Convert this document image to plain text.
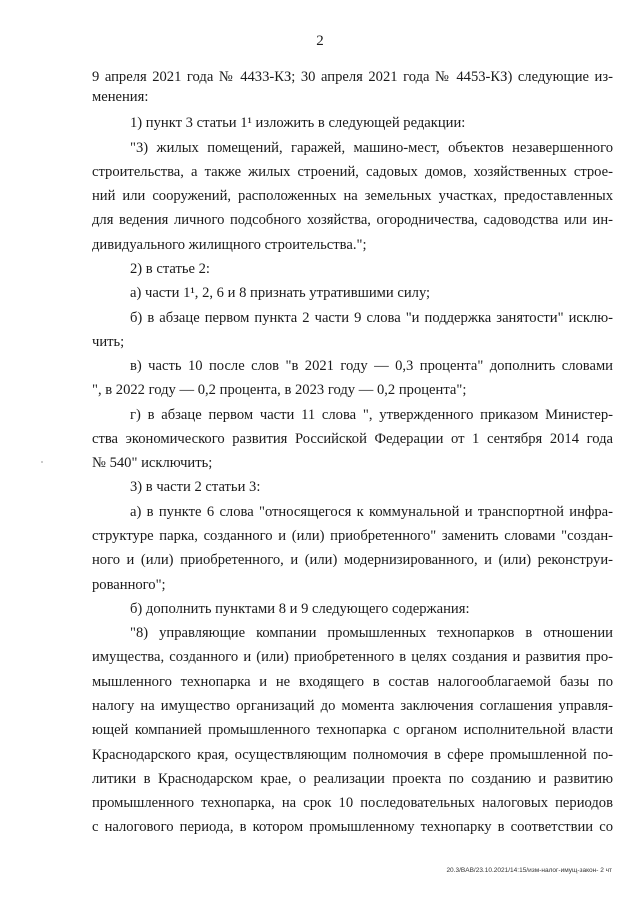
2
9 апреля 2021 года № 4433-КЗ; 30 апреля 2021 года № 4453-КЗ) следующие из-
менения:
1) пункт 3 статьи 1¹ изложить в следующей редакции:
"3) жилых помещений, гаражей, машино-мест, объектов незавершенного
строительства, а также жилых строений, садовых домов, хозяйственных строе-
ний или сооружений, расположенных на земельных участках, предоставленных
для ведения личного подсобного хозяйства, огородничества, садоводства или ин-
дивидуального жилищного строительства.";
2) в статье 2:
а) части 1¹, 2, 6 и 8 признать утратившими силу;
б) в абзаце первом пункта 2 части 9 слова "и поддержка занятости" исклю-
чить;
в) часть 10 после слов "в 2021 году — 0,3 процента" дополнить словами
", в 2022 году — 0,2 процента, в 2023 году — 0,2 процента";
г) в абзаце первом части 11 слова ", утвержденного приказом Министер-
ства экономического развития Российской Федерации от 1 сентября 2014 года
№ 540" исключить;
3) в части 2 статьи 3:
а) в пункте 6 слова "относящегося к коммунальной и транспортной инфра-
структуре парка, созданного и (или) приобретенного" заменить словами "создан-
ного и (или) приобретенного, и (или) модернизированного, и (или) реконструи-
рованного";
б) дополнить пунктами 8 и 9 следующего содержания:
"8) управляющие компании промышленных технопарков в отношении
имущества, созданного и (или) приобретенного в целях создания и развития про-
мышленного технопарка и не входящего в состав налогооблагаемой базы по
налогу на имущество организаций до момента заключения соглашения управля-
ющей компанией промышленного технопарка с органом исполнительной власти
Краснодарского края, осуществляющим полномочия в сфере промышленной по-
литики в Краснодарском крае, о реализации проекта по созданию и развитию
промышленного технопарка, на срок 10 последовательных налоговых периодов
с налогового периода, в котором промышленному технопарку в соответствии со
20.3/BAB/23.10.2021/14:15/изм-налог-имущ-закон- 2 чт
